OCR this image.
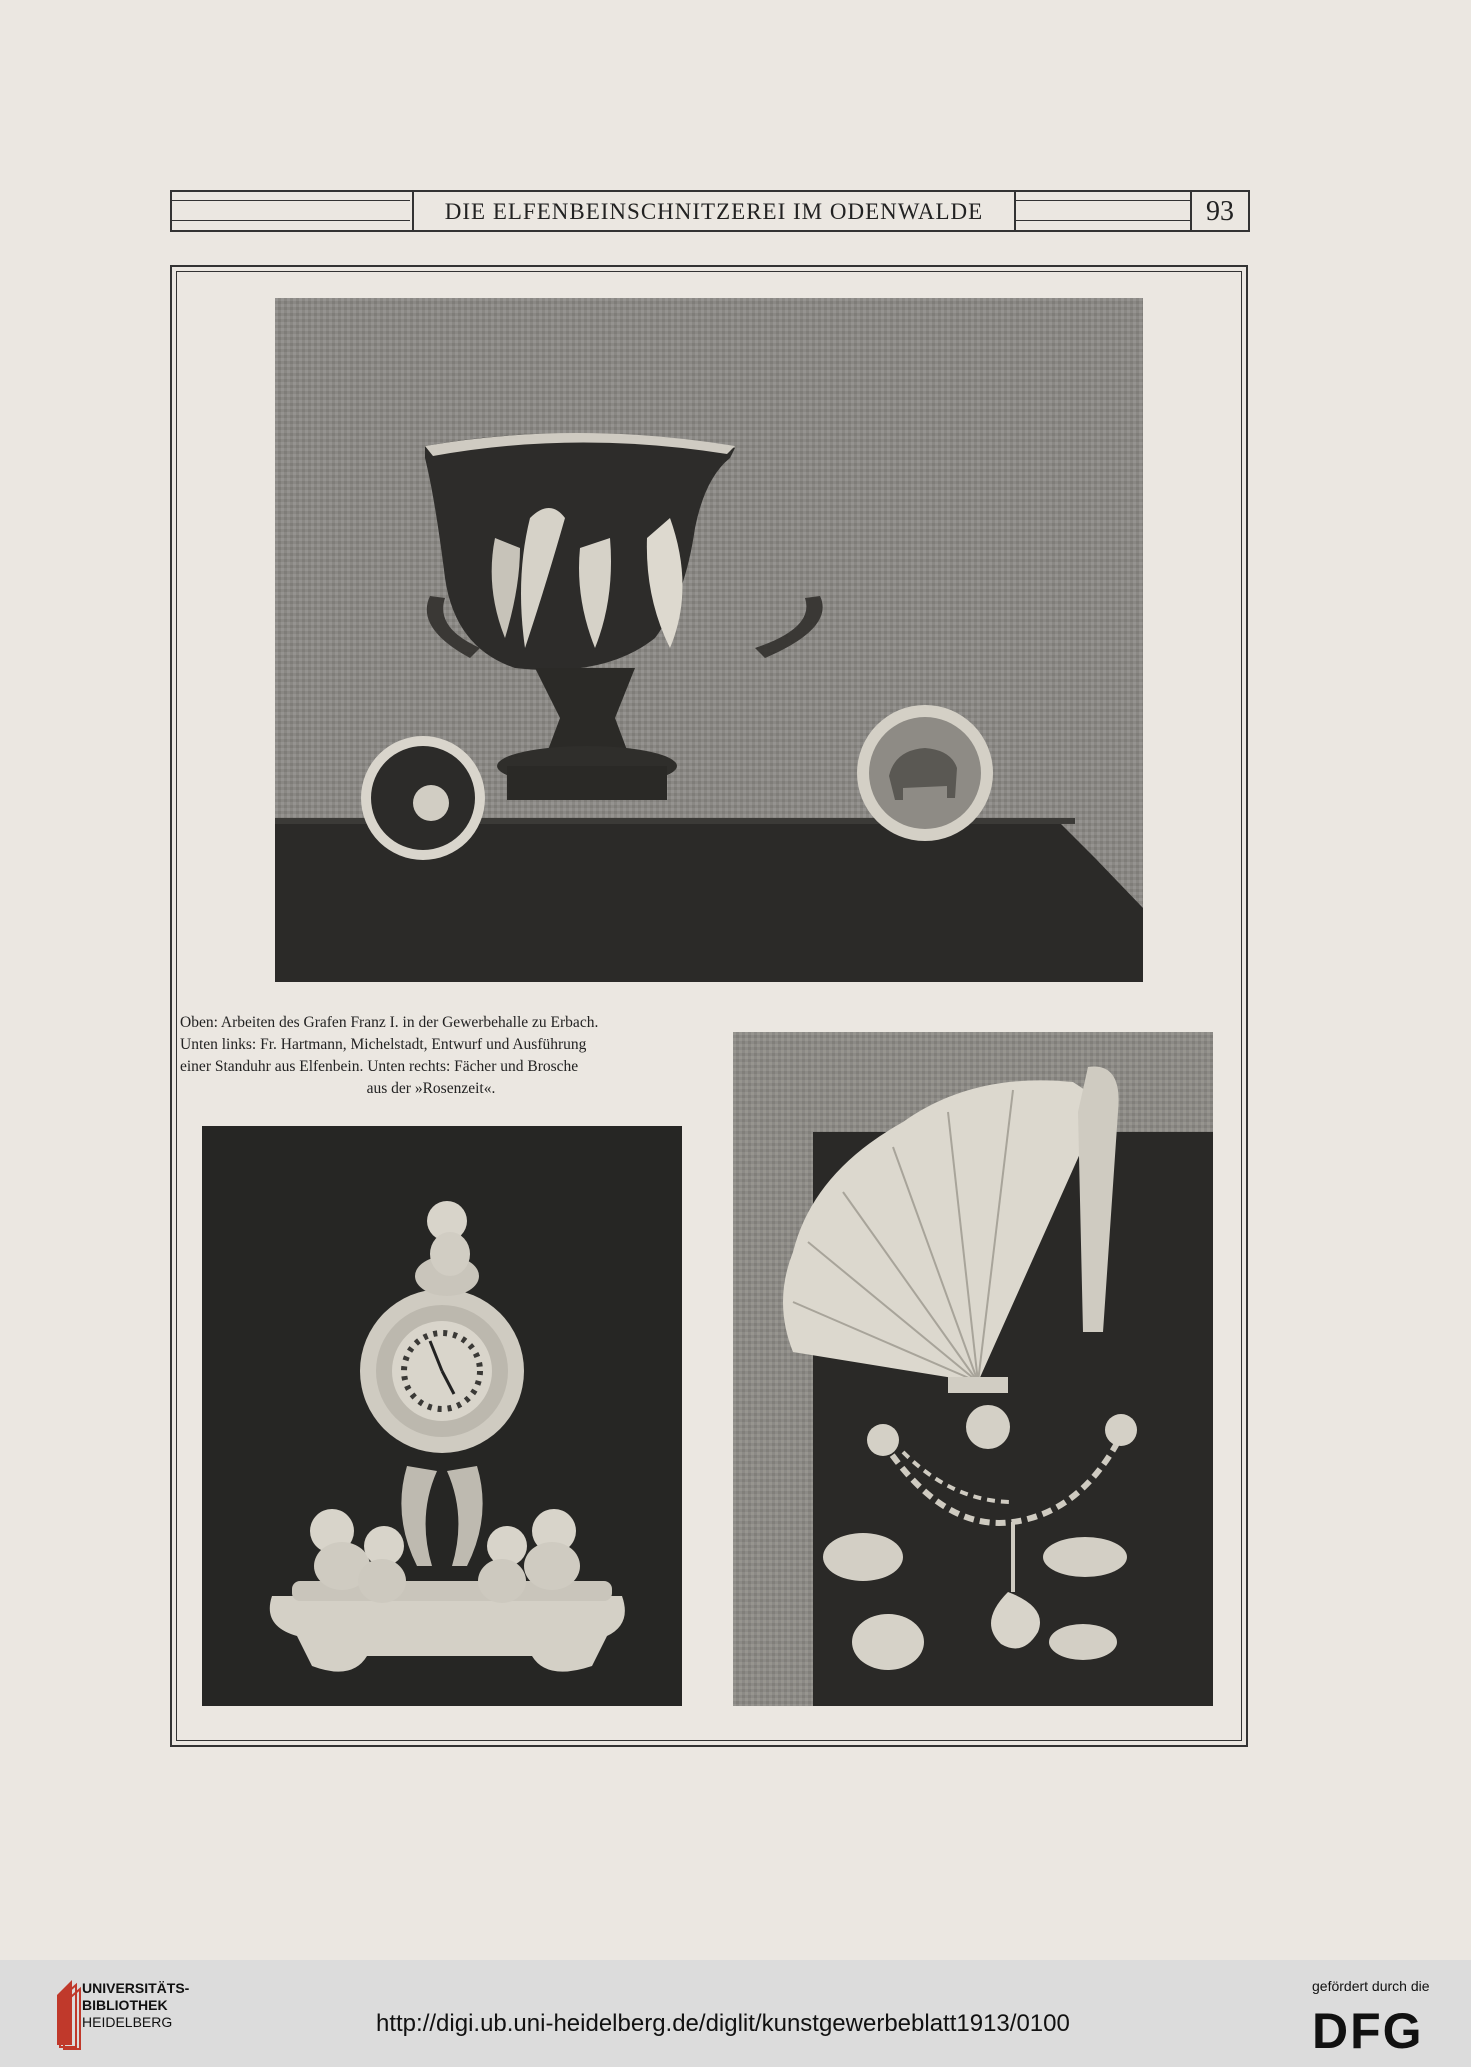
DIE ELFENBEINSCHNITZEREI IM ODENWALDE	93
Oben: Arbeiten des Grafen Franz I. in der Gewerbehalle zu Erbach.
Unten links: Fr. Hartmann, Michelstadt, Entwurf und Ausführung
einer Standuhr aus Elfenbein. Unten rechts: Fächer und Brosche
aus der »Rosenzeit«.
UNIVERSITÄTS-
BIBLIOTHEK
HEIDELBERG	http://digi.ub.uni-heidelberg.de/diglit/kunstgewerbeblatt1913/0100
gefördert durch die
DFG
